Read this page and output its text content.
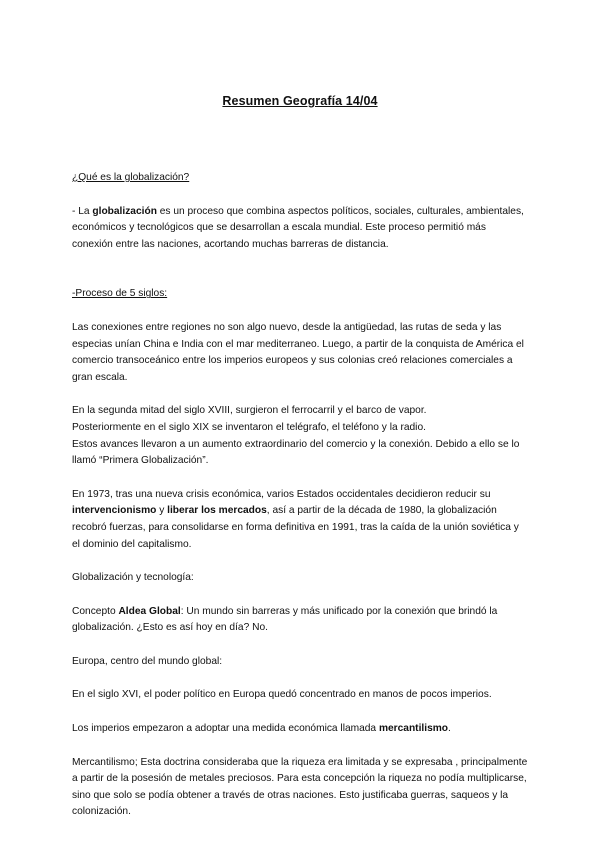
Resumen Geografía 14/04

¿Qué es la globalización?

- La globalización es un proceso que combina aspectos políticos, sociales, culturales, ambientales, económicos y tecnológicos que se desarrollan a escala mundial. Este proceso permitió más conexión entre las naciones, acortando muchas barreras de distancia.

-Proceso de 5 siglos:

Las conexiones entre regiones no son algo nuevo, desde la antigüedad, las rutas de seda y las especias unían China e India con el mar mediterraneo. Luego, a partir de la conquista de América el comercio transoceánico entre los imperios europeos y sus colonias creó relaciones comerciales a gran escala.

En la segunda mitad del siglo XVIII, surgieron el ferrocarril y el barco de vapor.
Posteriormente en el siglo XIX se inventaron el telégrafo, el teléfono y la radio.
Estos avances llevaron a un aumento extraordinario del comercio y la conexión. Debido a ello se lo llamó “Primera Globalización”.

En 1973, tras una nueva crisis económica, varios Estados occidentales decidieron reducir su intervencionismo y liberar los mercados, así a partir de la década de 1980, la globalización recobró fuerzas, para consolidarse en forma definitiva en 1991, tras la caída de la unión soviética y el dominio del capitalismo.

Globalización y tecnología:

Concepto Aldea Global: Un mundo sin barreras y más unificado por la conexión que brindó la globalización. ¿Esto es así hoy en día? No.

Europa, centro del mundo global:

En el siglo XVI, el poder político en Europa quedó concentrado en manos de pocos imperios.

Los imperios empezaron a adoptar una medida económica llamada mercantilismo.

Mercantilismo; Esta doctrina consideraba que la riqueza era limitada y se expresaba , principalmente a partir de la posesión de metales preciosos. Para esta concepción la riqueza no podía multiplicarse, sino que solo se podía obtener a través de otras naciones. Esto justificaba guerras, saqueos y la colonización.
